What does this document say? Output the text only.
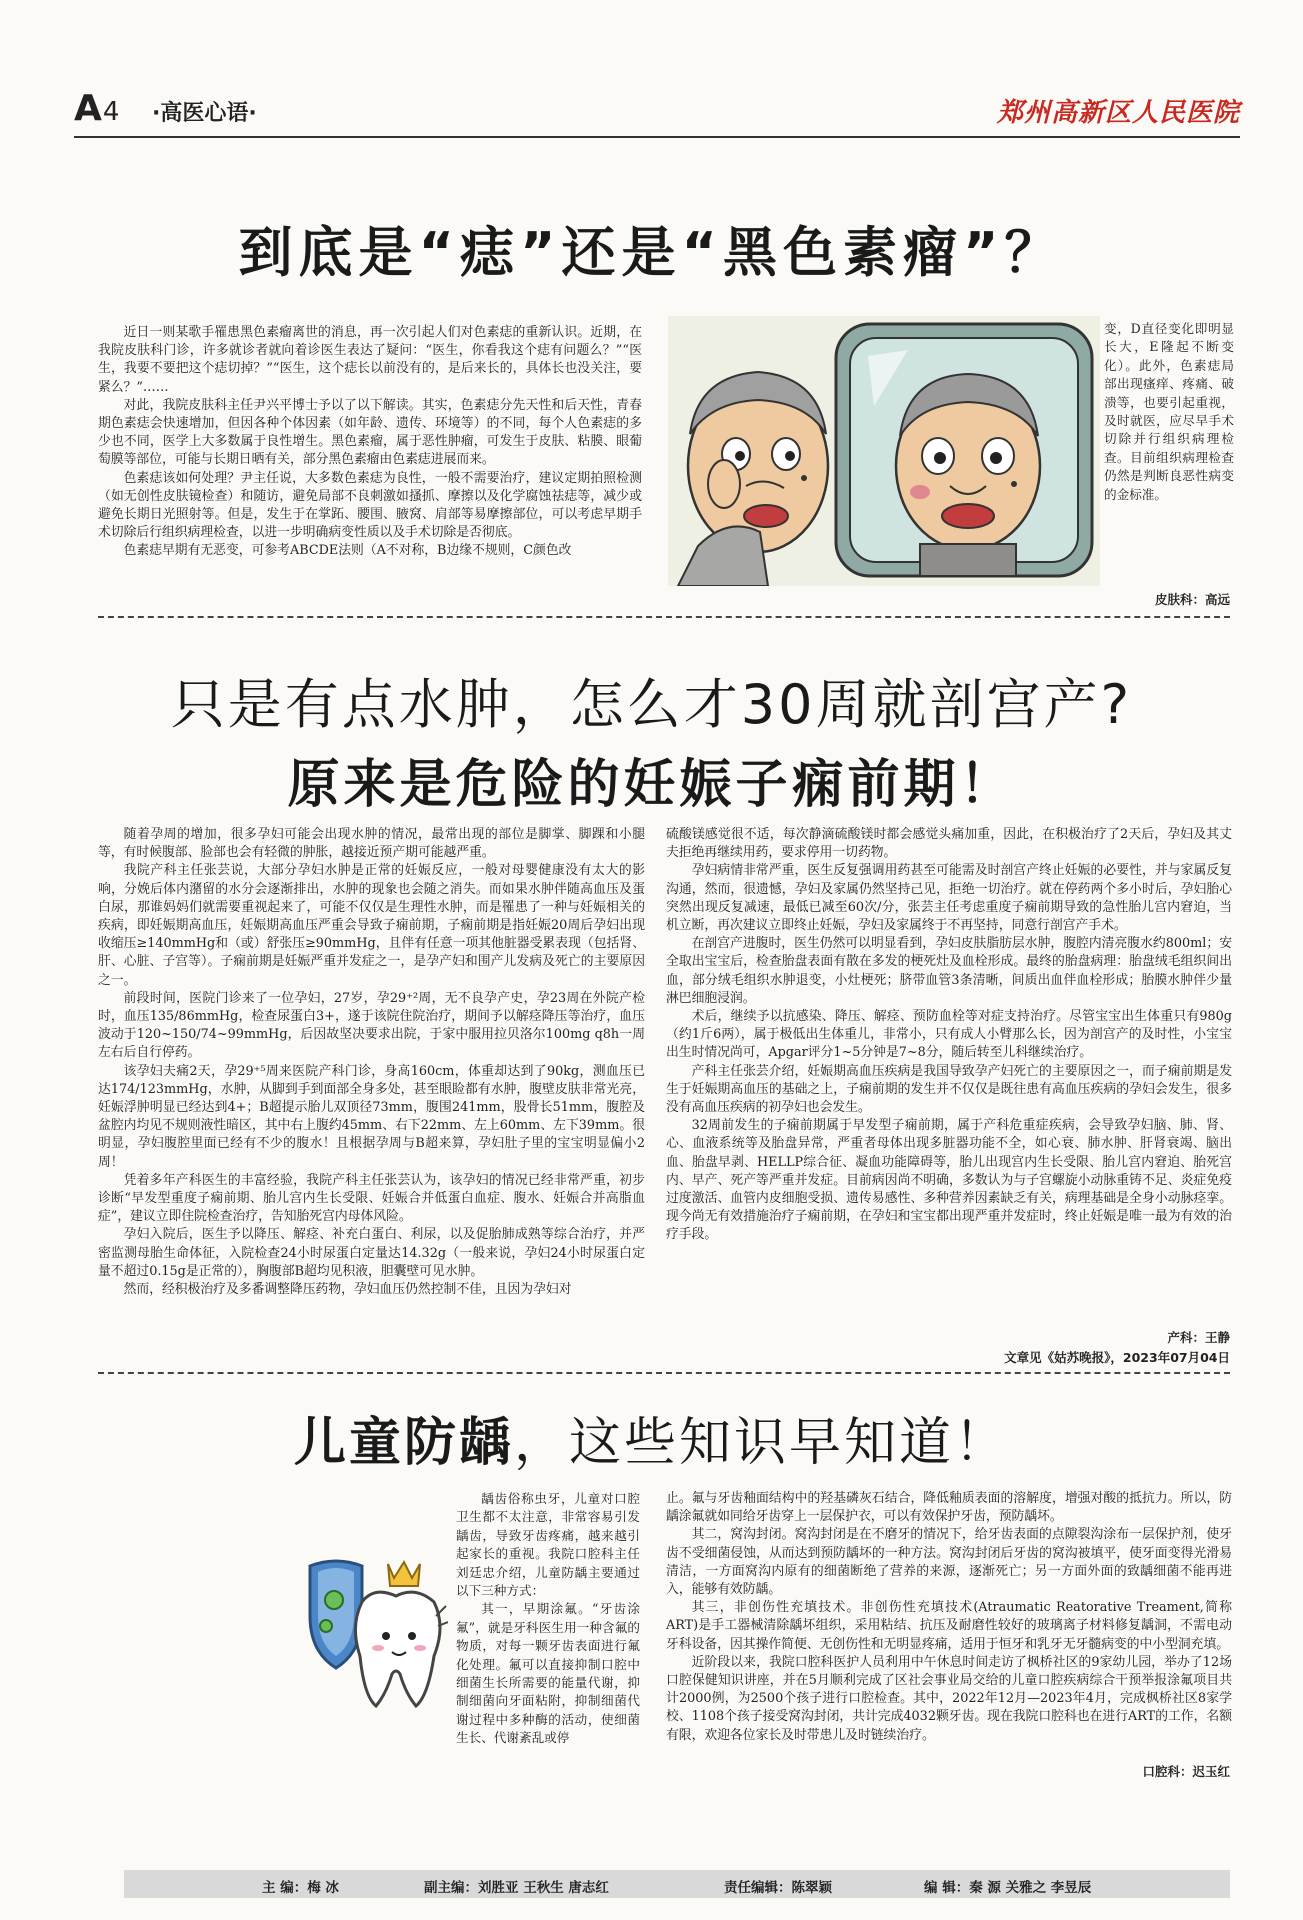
A4 ·高医心语·	郑州高新区人民医院
到底是“痣”还是“黑色素瘤”？

近日一则某歌手罹患黑色素瘤离世的消息，再一次引起人们对色素痣的重新认识。近期，在我院皮肤科门诊，许多就诊者就向着诊医生表达了疑问：“医生，你看我这个痣有问题么？”“医生，我要不要把这个痣切掉？”“医生，这个痣长以前没有的，是后来长的，具体长也没关注，要紧么？”……

对此，我院皮肤科主任尹兴平博士予以了以下解读。其实，色素痣分先天性和后天性，青春期色素痣会快速增加，但因各种个体因素（如年龄、遗传、环境等）的不同，每个人色素痣的多少也不同，医学上大多数属于良性增生。黑色素瘤，属于恶性肿瘤，可发生于皮肤、粘膜、眼葡萄膜等部位，可能与长期日晒有关，部分黑色素瘤由色素痣进展而来。

色素痣该如何处理？尹主任说，大多数色素痣为良性，一般不需要治疗，建议定期拍照检测（如无创性皮肤镜检查）和随访，避免局部不良刺激如搔抓、摩擦以及化学腐蚀祛痣等，减少或避免长期日光照射等。但是，发生于在掌跖、腰围、腋窝、肩部等易摩擦部位，可以考虑早期手术切除后行组织病理检查，以进一步明确病变性质以及手术切除是否彻底。

色素痣早期有无恶变，可参考ABCDE法则（A不对称，B边缘不规则，C颜色改

变，D直径变化即明显长大，E隆起不断变化）。此外，色素痣局部出现瘙痒、疼痛、破溃等，也要引起重视，及时就医，应尽早手术切除并行组织病理检查。目前组织病理检查仍然是判断良恶性病变的金标准。
皮肤科：高远
只是有点水肿，怎么才30周就剖宫产?
原来是危险的妊娠子痫前期！

随着孕周的增加，很多孕妇可能会出现水肿的情况，最常出现的部位是脚掌、脚踝和小腿等，有时候腹部、脸部也会有轻微的肿胀，越接近预产期可能越严重。

我院产科主任张芸说，大部分孕妇水肿是正常的妊娠反应，一般对母婴健康没有太大的影响，分娩后体内潴留的水分会逐渐排出，水肿的现象也会随之消失。而如果水肿伴随高血压及蛋白尿，那谁妈妈们就需要重视起来了，可能不仅仅是生理性水肿，而是罹患了一种与妊娠相关的疾病，即妊娠期高血压，妊娠期高血压严重会导致子痫前期，子痫前期是指妊娠20周后孕妇出现收缩压≥140mmHg和（或）舒张压≥90mmHg，且伴有任意一项其他脏器受累表现（包括肾、肝、心脏、子宫等）。子痫前期是妊娠严重并发症之一，是孕产妇和围产儿发病及死亡的主要原因之一。

前段时间，医院门诊来了一位孕妇，27岁，孕29⁺²周，无不良孕产史，孕23周在外院产检时，血压135/86mmHg，检查尿蛋白3+，遂于该院住院治疗，期间予以解痉降压等治疗，血压波动于120~150/74~99mmHg，后因故坚决要求出院，于家中服用拉贝洛尔100mg q8h一周左右后自行停药。

该孕妇夫痛2天，孕29⁺⁵周来医院产科门诊，身高160cm，体重却达到了90kg，测血压已达174/123mmHg，水肿，从脚到手到面部全身多处，甚至眼睑都有水肿，腹壁皮肤非常光亮，妊娠浮肿明显已经达到4+；B超提示胎儿双顶径73mm，腹围241mm，股骨长51mm，腹腔及盆腔内均见不规则液性暗区，其中右上腹约45mm、右下22mm、左上60mm、左下39mm。很明显，孕妇腹腔里面已经有不少的腹水！且根据孕周与B超来算，孕妇肚子里的宝宝明显偏小2周！

凭着多年产科医生的丰富经验，我院产科主任张芸认为，该孕妇的情况已经非常严重，初步诊断“早发型重度子痫前期、胎儿宫内生长受限、妊娠合并低蛋白血症、腹水、妊娠合并高脂血症”，建议立即住院检查治疗，告知胎死宫内母体风险。

孕妇入院后，医生予以降压、解痉、补充白蛋白、利尿，以及促胎肺成熟等综合治疗，并严密监测母胎生命体征，入院检查24小时尿蛋白定量达14.32g（一般来说，孕妇24小时尿蛋白定量不超过0.15g是正常的），胸腹部B超均见积液，胆囊壁可见水肿。

然而，经积极治疗及多番调整降压药物，孕妇血压仍然控制不佳，且因为孕妇对

硫酸镁感觉很不适，每次静滴硫酸镁时都会感觉头痛加重，因此，在积极治疗了2天后，孕妇及其丈夫拒绝再继续用药，要求停用一切药物。

孕妇病情非常严重，医生反复强调用药甚至可能需及时剖宫产终止妊娠的必要性，并与家属反复沟通，然而，很遗憾，孕妇及家属仍然坚持己见，拒绝一切治疗。就在停药两个多小时后，孕妇胎心突然出现反复减速，最低已减至60次/分，张芸主任考虑重度子痫前期导致的急性胎儿宫内窘迫，当机立断，再次建议立即终止妊娠，孕妇及家属终于不再坚持，同意行剖宫产手术。

在剖宫产进腹时，医生仍然可以明显看到，孕妇皮肤脂肪层水肿，腹腔内清亮腹水约800ml；安全取出宝宝后，检查胎盘表面有散在多发的梗死灶及血栓形成。最终的胎盘病理：胎盘绒毛组织间出血，部分绒毛组织水肿退变，小灶梗死；脐带血管3条清晰，间质出血伴血栓形成；胎膜水肿伴少量淋巴细胞浸润。

术后，继续予以抗感染、降压、解痉、预防血栓等对症支持治疗。尽管宝宝出生体重只有980g（约1斤6两），属于极低出生体重儿，非常小，只有成人小臂那么长，因为剖宫产的及时性，小宝宝出生时情况尚可，Apgar评分1~5分钟是7~8分，随后转至儿科继续治疗。

产科主任张芸介绍，妊娠期高血压疾病是我国导致孕产妇死亡的主要原因之一，而子痫前期是发生于妊娠期高血压的基础之上，子痫前期的发生并不仅仅是既往患有高血压疾病的孕妇会发生，很多没有高血压疾病的初孕妇也会发生。

32周前发生的子痫前期属于早发型子痫前期，属于产科危重症疾病，会导致孕妇脑、肺、肾、心、血液系统等及胎盘异常，严重者母体出现多脏器功能不全，如心衰、肺水肿、肝肾衰竭、脑出血、胎盘早剥、HELLP综合征、凝血功能障碍等，胎儿出现宫内生长受限、胎儿宫内窘迫、胎死宫内、早产、死产等严重并发症。目前病因尚不明确，多数认为与子宫螺旋小动脉重铸不足、炎症免疫过度激活、血管内皮细胞受损、遗传易感性、多种营养因素缺乏有关，病理基础是全身小动脉痉挛。现今尚无有效措施治疗子痫前期，在孕妇和宝宝都出现严重并发症时，终止妊娠是唯一最为有效的治疗手段。

产科：王静
文章见《姑苏晚报》，2023年07月04日
儿童防龋，这些知识早知道！

龋齿俗称虫牙，儿童对口腔卫生都不太注意，非常容易引发龋齿，导致牙齿疼痛，越来越引起家长的重视。我院口腔科主任刘廷忠介绍，儿童防龋主要通过以下三种方式：

其一，早期涂氟。“牙齿涂氟”，就是牙科医生用一种含氟的物质，对每一颗牙齿表面进行氟化处理。氟可以直接抑制口腔中细菌生长所需要的能量代谢，抑制细菌向牙面粘附，抑制细菌代谢过程中多种酶的活动，使细菌生长、代谢紊乱或停

止。氟与牙齿釉面结构中的羟基磷灰石结合，降低釉质表面的溶解度，增强对酸的抵抗力。所以，防龋涂氟就如同给牙齿穿上一层保护衣，可以有效保护牙齿，预防龋坏。

其二，窝沟封闭。窝沟封闭是在不磨牙的情况下，给牙齿表面的点隙裂沟涂布一层保护剂，使牙齿不受细菌侵蚀，从而达到预防龋坏的一种方法。窝沟封闭后牙齿的窝沟被填平，使牙面变得光滑易清洁，一方面窝沟内原有的细菌断绝了营养的来源，逐渐死亡；另一方面外面的致龋细菌不能再进入，能够有效防龋。

其三，非创伤性充填技术。非创伤性充填技术(Atraumatic Reatorative Treament,简称ART)是手工器械清除龋坏组织，采用粘结、抗压及耐磨性较好的玻璃离子材料修复龋洞，不需电动牙科设备，因其操作简便、无创伤性和无明显疼痛，适用于恒牙和乳牙无牙髓病变的中小型洞充填。

近阶段以来，我院口腔科医护人员利用中午休息时间走访了枫桥社区的9家幼儿园，举办了12场口腔保健知识讲座，并在5月顺利完成了区社会事业局交给的儿童口腔疾病综合干预举报涂氟项目共计2000例，为2500个孩子进行口腔检查。其中，2022年12月—2023年4月，完成枫桥社区8家学校、1108个孩子接受窝沟封闭，共计完成4032颗牙齿。现在我院口腔科也在进行ART的工作，名额有限，欢迎各位家长及时带患儿及时链续治疗。

口腔科：迟玉红
主 编：梅 冰	副主编：刘胜亚 王秋生 唐志红	责任编辑：陈翠颖	编 辑：秦 源 关雅之 李昱辰
